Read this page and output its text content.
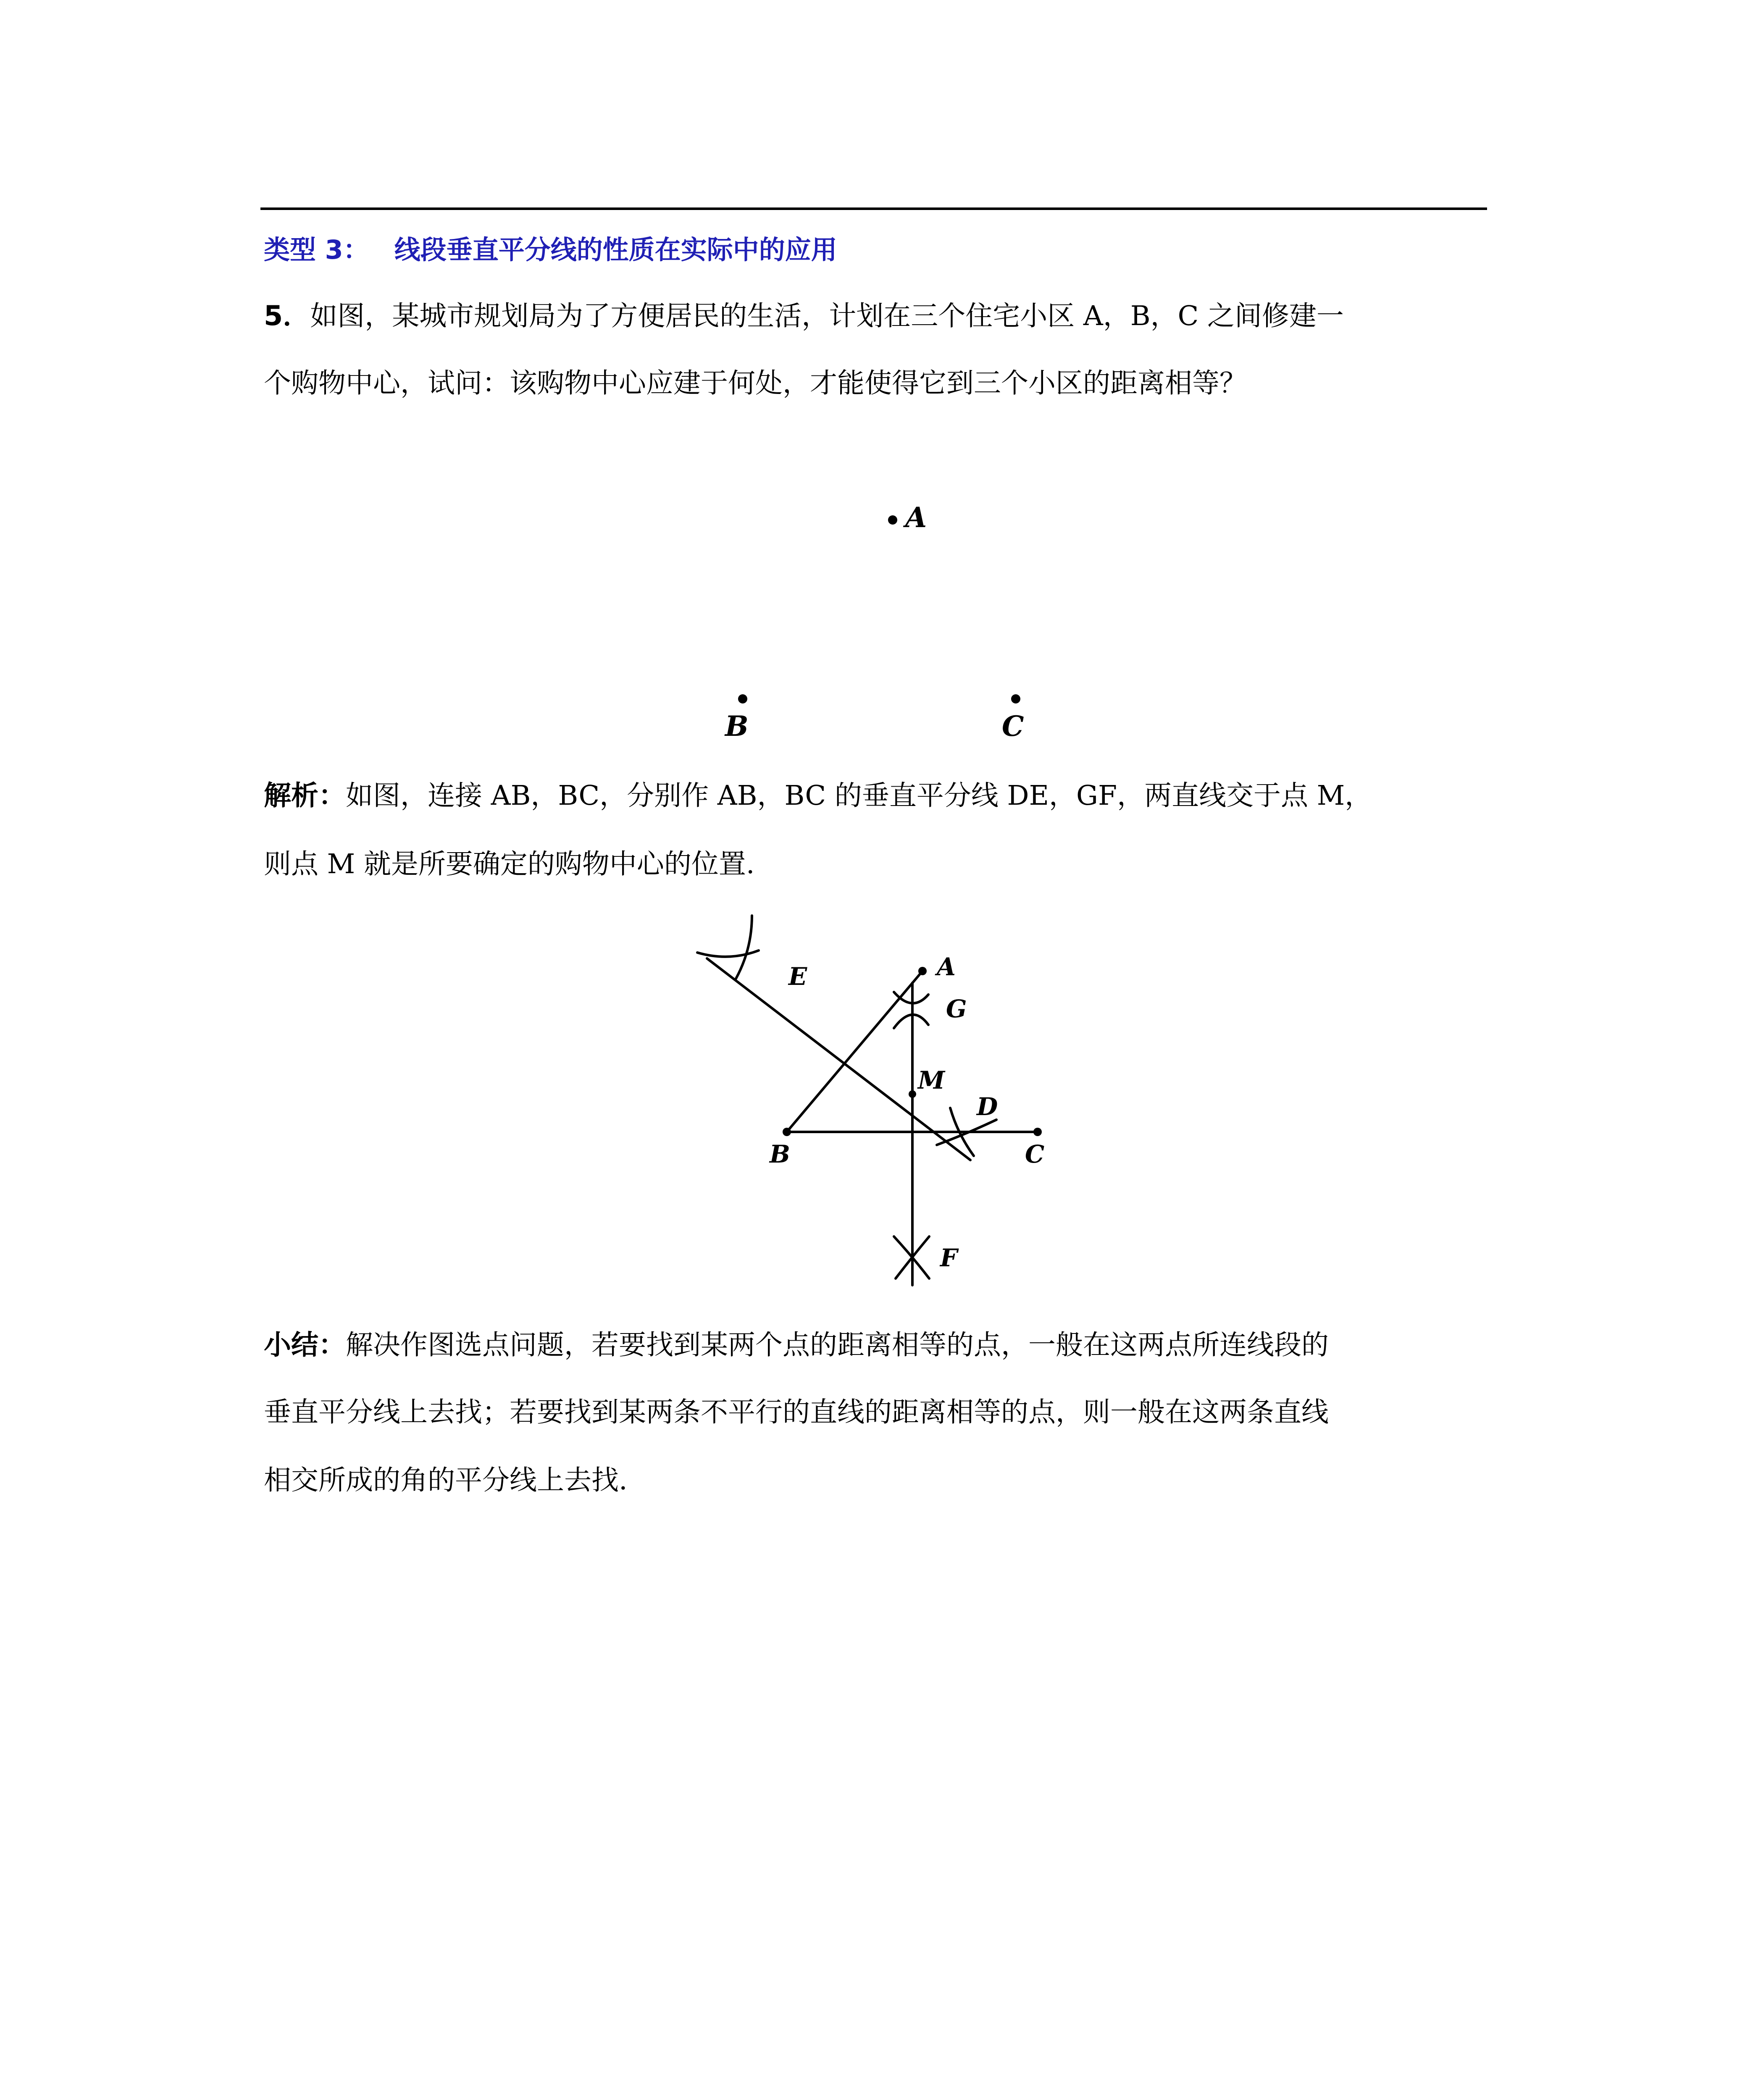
类型 3： 线段垂直平分线的性质在实际中的应用
5．如图，某城市规划局为了方便居民的生活，计划在三个住宅小区 A，B，C 之间修建一
个购物中心，试问：该购物中心应建于何处，才能使得它到三个小区的距离相等？
A
B	C
解析：如图，连接 AB，BC，分别作 AB，BC 的垂直平分线 DE，GF，两直线交于点 M，
则点 M 就是所要确定的购物中心的位置.
A
G
E
M
D
B	C
F
小结：解决作图选点问题，若要找到某两个点的距离相等的点，一般在这两点所连线段的
垂直平分线上去找；若要找到某两条不平行的直线的距离相等的点，则一般在这两条直线
相交所成的角的平分线上去找.
